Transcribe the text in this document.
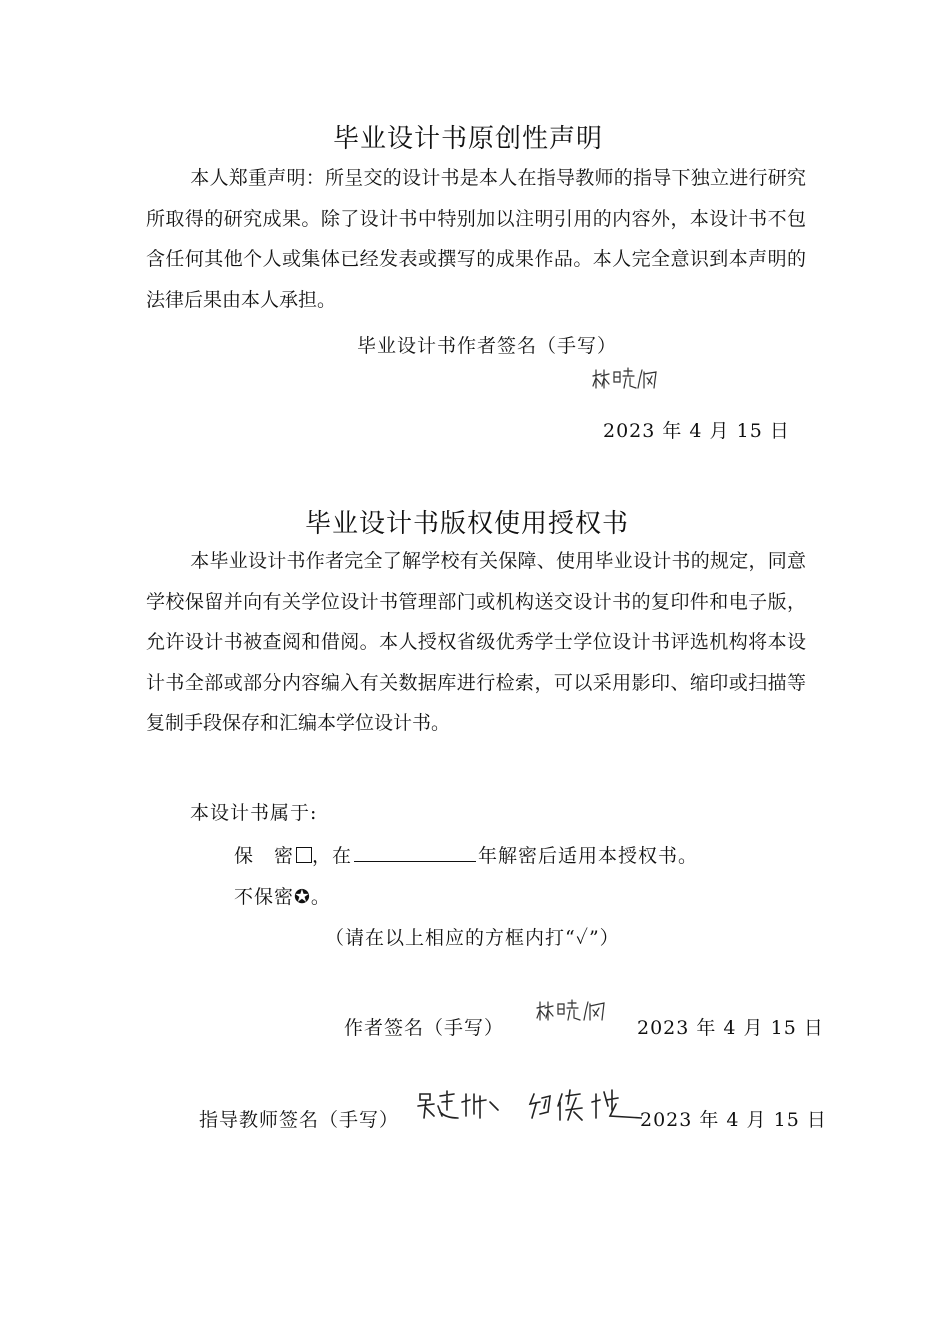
毕业设计书原创性声明
本人郑重声明：所呈交的设计书是本人在指导教师的指导下独立进行研究所取得的研究成果。除了设计书中特别加以注明引用的内容外，本设计书不包含任何其他个人或集体已经发表或撰写的成果作品。本人完全意识到本声明的法律后果由本人承担。
毕业设计书作者签名（手写）
2023 年 4 月 15 日
毕业设计书版权使用授权书
本毕业设计书作者完全了解学校有关保障、使用毕业设计书的规定，同意学校保留并向有关学位设计书管理部门或机构送交设计书的复印件和电子版，允许设计书被查阅和借阅。本人授权省级优秀学士学位设计书评选机构将本设计书全部或部分内容编入有关数据库进行检索，可以采用影印、缩印或扫描等复制手段保存和汇编本学位设计书。
本设计书属于:
保　密 ，在	年解密后适用本授权书。
不保密✪。
（请在以上相应的方框内打“✓”）
作者签名（手写）	2023 年 4 月 15 日
指导教师签名（手写）	2023 年 4 月 15 日
